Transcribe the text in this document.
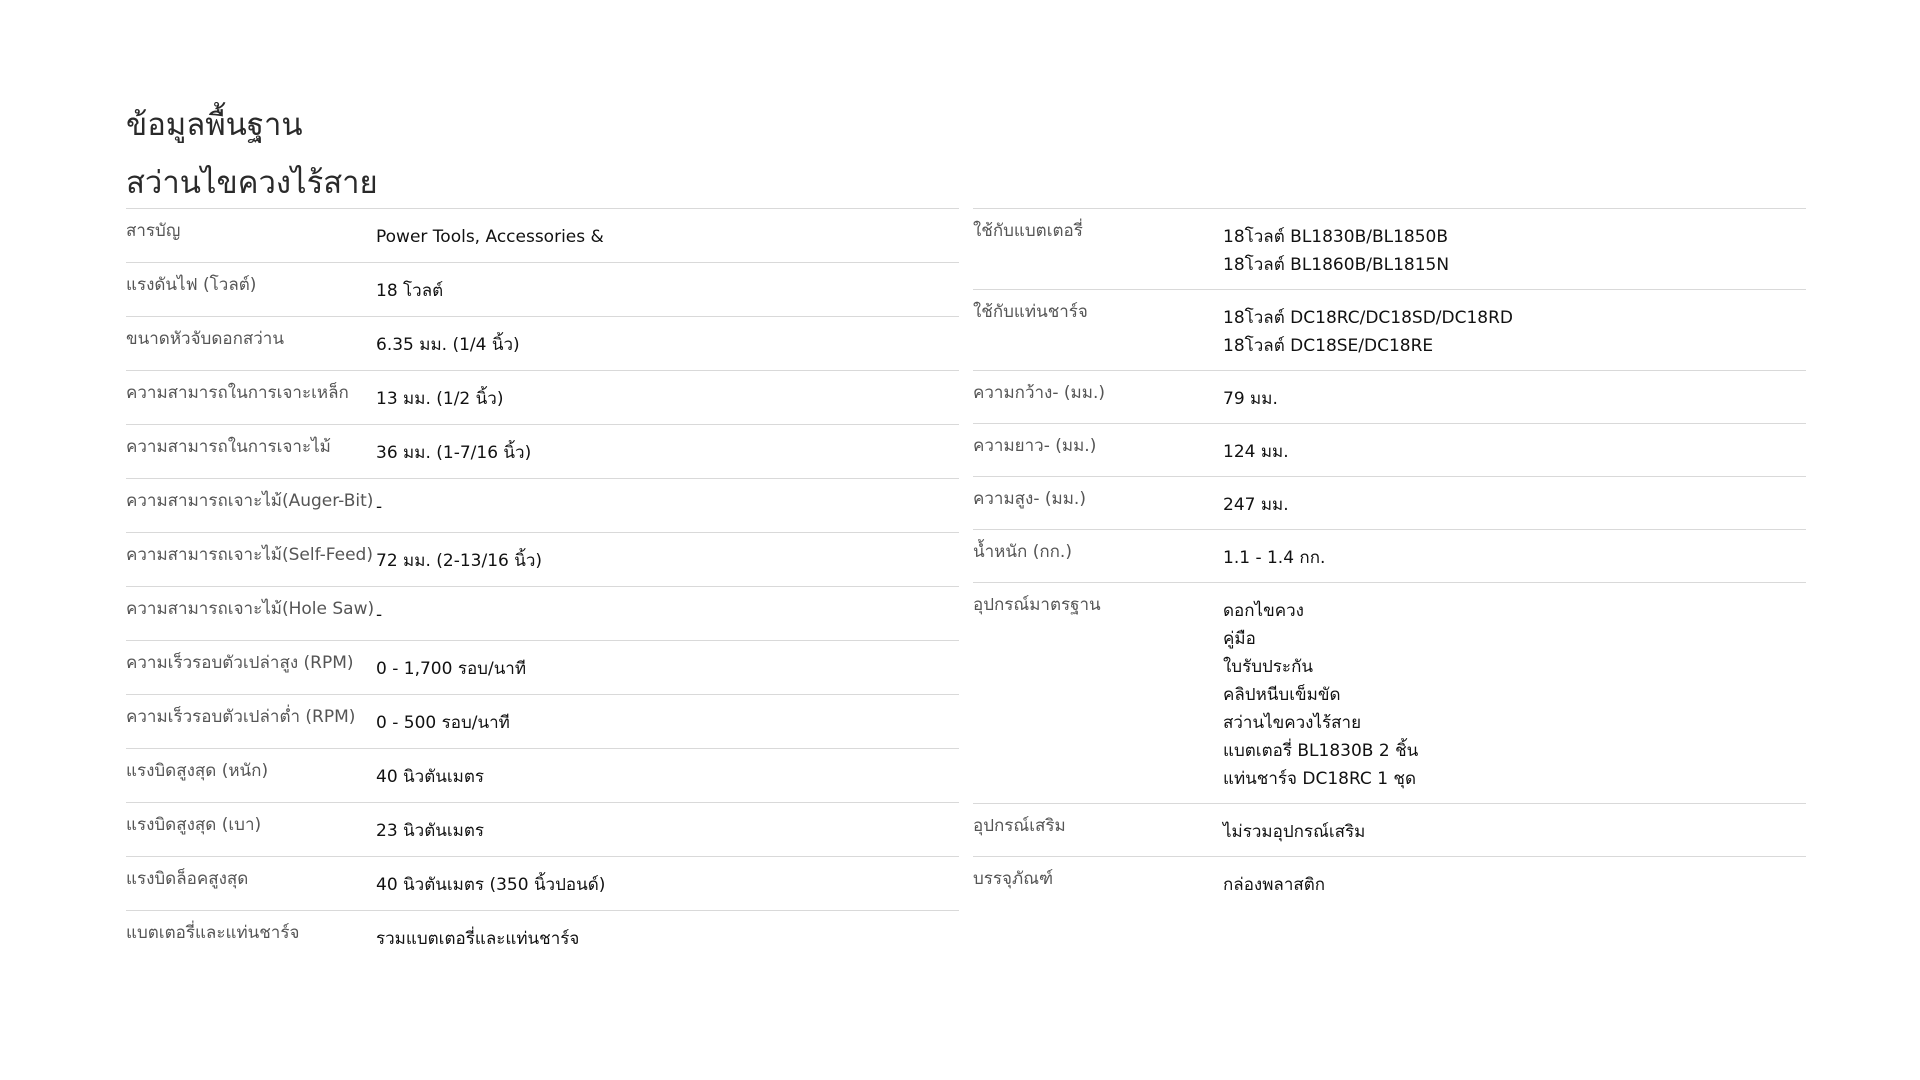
ข้อมูลพื้นฐาน
สว่านไขควงไร้สาย
สารบัญ	Power Tools, Accessories &
แรงดันไฟ (โวลต์)	18 โวลต์
ขนาดหัวจับดอกสว่าน	6.35 มม. (1/4 นิ้ว)
ความสามารถในการเจาะเหล็ก	13 มม. (1/2 นิ้ว)
ความสามารถในการเจาะไม้	36 มม. (1-7/16 นิ้ว)
ความสามารถเจาะไม้(Auger-Bit) -
ความสามารถเจาะไม้(Self-Feed) 72 มม. (2-13/16 นิ้ว)
ความสามารถเจาะไม้(Hole Saw) -
ความเร็วรอบตัวเปล่าสูง (RPM)	0 - 1,700 รอบ/นาที
ความเร็วรอบตัวเปล่าต่ำ (RPM)	0 - 500 รอบ/นาที
แรงบิดสูงสุด (หนัก)	40 นิวตันเมตร
แรงบิดสูงสุด (เบา)	23 นิวตันเมตร
แรงบิดล็อคสูงสุด	40 นิวตันเมตร (350 นิ้วปอนด์)
แบตเตอรี่และแท่นชาร์จ	รวมแบตเตอรี่และแท่นชาร์จ
ใช้กับแบตเตอรี่	18โวลต์ BL1830B/BL1850B
18โวลต์ BL1860B/BL1815N
ใช้กับแท่นชาร์จ	18โวลต์ DC18RC/DC18SD/DC18RD
18โวลต์ DC18SE/DC18RE
ความกว้าง- (มม.)	79 มม.
ความยาว- (มม.)	124 มม.
ความสูง- (มม.)	247 มม.
น้ำหนัก (กก.)	1.1 - 1.4 กก.
อุปกรณ์มาตรฐาน	ดอกไขควง
คู่มือ
ใบรับประกัน
คลิปหนีบเข็มขัด
สว่านไขควงไร้สาย
แบตเตอรี่ BL1830B 2 ชิ้น
แท่นชาร์จ DC18RC 1 ชุด
อุปกรณ์เสริม	ไม่รวมอุปกรณ์เสริม
บรรจุภัณฑ์	กล่องพลาสติก
